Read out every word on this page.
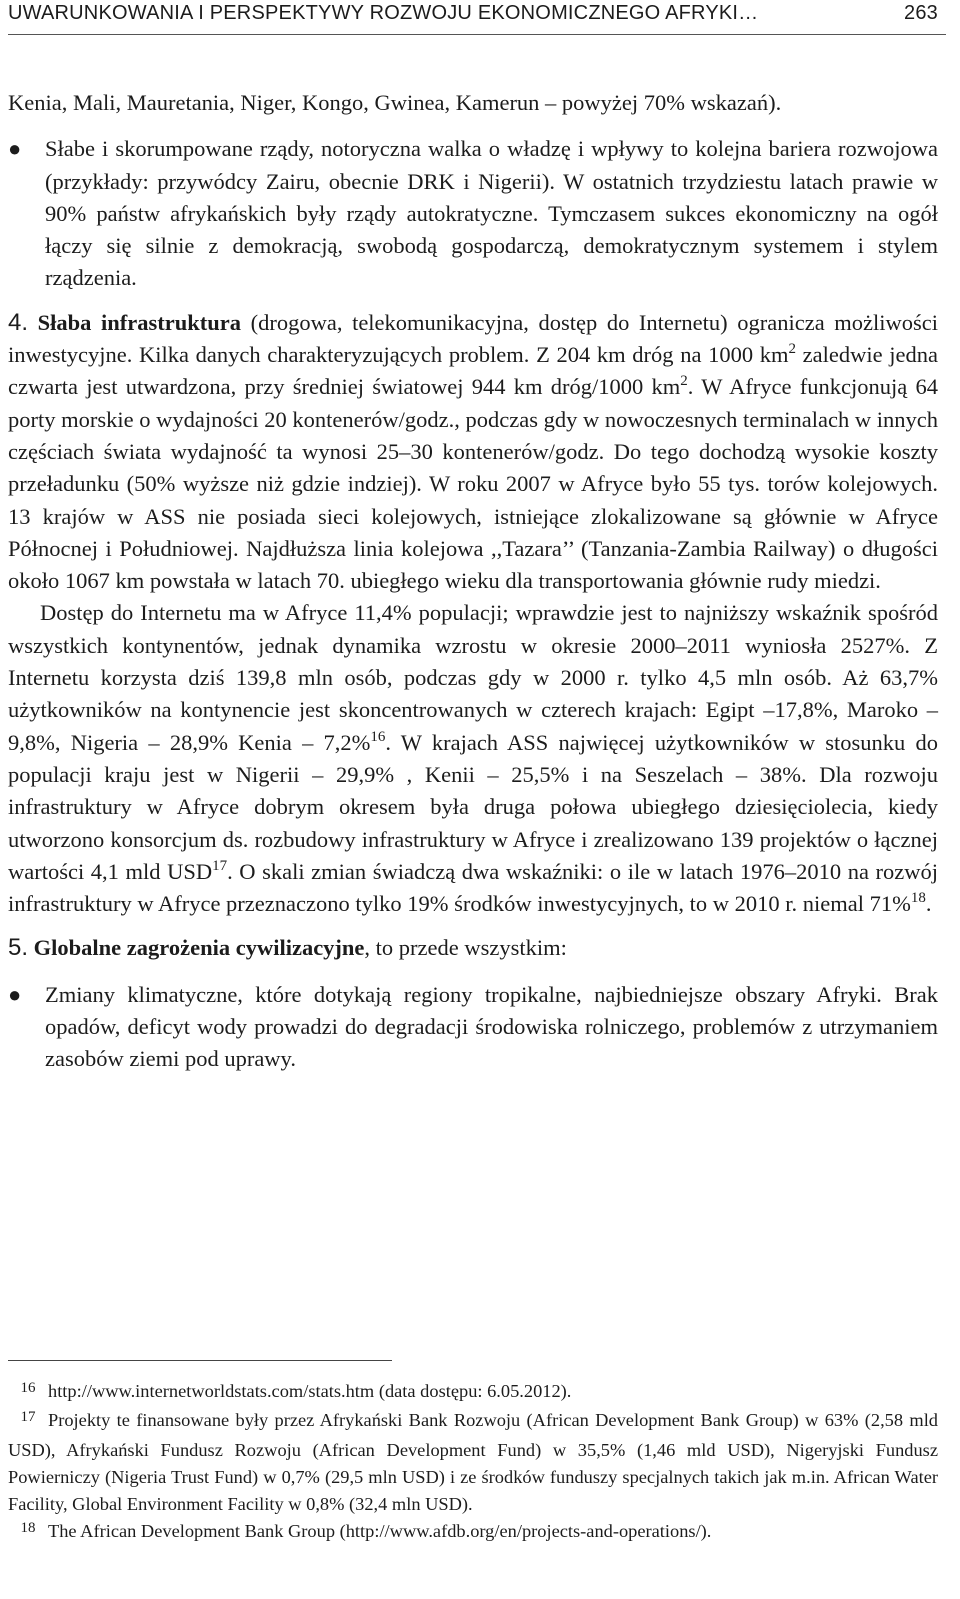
UWARUNKOWANIA I PERSPEKTYWY ROZWOJU EKONOMICZNEGO AFRYKI…	263

Kenia, Mali, Mauretania, Niger, Kongo, Gwinea, Kamerun – powyżej 70% wskazań).

● Słabe i skorumpowane rządy, notoryczna walka o władzę i wpływy to kolejna bariera rozwojowa (przykłady: przywódcy Zairu, obecnie DRK i Nigerii). W ostatnich trzydziestu latach prawie w 90% państw afrykańskich były rządy autokratyczne. Tymczasem sukces ekonomiczny na ogół łączy się silnie z demokracją, swobodą gospodarczą, demokratycznym systemem i stylem rządzenia.

4. Słaba infrastruktura (drogowa, telekomunikacyjna, dostęp do Internetu) ogranicza możliwości inwestycyjne. Kilka danych charakteryzujących problem. Z 204 km dróg na 1000 $km^2$ zaledwie jedna czwarta jest utwardzona, przy średniej światowej 944 km dróg/1000 $km^2$. W Afryce funkcjonują 64 porty morskie o wydajności 20 kontenerów/godz., podczas gdy w nowoczesnych terminalach w innych częściach świata wydajność ta wynosi 25–30 kontenerów/godz. Do tego dochodzą wysokie koszty przeładunku (50% wyższe niż gdzie indziej). W roku 2007 w Afryce było 55 tys. torów kolejowych. 13 krajów w ASS nie posiada sieci kolejowych, istniejące zlokalizowane są głównie w Afryce Północnej i Południowej. Najdłuższa linia kolejowa ,,Tazara’’ (Tanzania-Zambia Railway) o długości około 1067 km powstała w latach 70. ubiegłego wieku dla transportowania głównie rudy miedzi.

Dostęp do Internetu ma w Afryce 11,4% populacji; wprawdzie jest to najniższy wskaźnik spośród wszystkich kontynentów, jednak dynamika wzrostu w okresie 2000–2011 wyniosła 2527%. Z Internetu korzysta dziś 139,8 mln osób, podczas gdy w 2000 r. tylko 4,5 mln osób. Aż 63,7% użytkowników na kontynencie jest skoncentrowanych w czterech krajach: Egipt –17,8%, Maroko – 9,8%, Nigeria – 28,9% Kenia – 7,2%$^{16}$. W krajach ASS najwięcej użytkowników w stosunku do populacji kraju jest w Nigerii – 29,9% , Kenii – 25,5% i na Seszelach – 38%. Dla rozwoju infrastruktury w Afryce dobrym okresem była druga połowa ubiegłego dziesięciolecia, kiedy utworzono konsorcjum ds. rozbudowy infrastruktury w Afryce i zrealizowano 139 projektów o łącznej wartości 4,1 mld USD$^{17}$. O skali zmian świadczą dwa wskaźniki: o ile w latach 1976–2010 na rozwój infrastruktury w Afryce przeznaczono tylko 19% środków inwestycyjnych, to w 2010 r. niemal 71%$^{18}$.

5. Globalne zagrożenia cywilizacyjne, to przede wszystkim:

● Zmiany klimatyczne, które dotykają regiony tropikalne, najbiedniejsze obszary Afryki. Brak opadów, deficyt wody prowadzi do degradacji środowiska rolniczego, problemów z utrzymaniem zasobów ziemi pod uprawy.

16 http://www.internetworldstats.com/stats.htm (data dostępu: 6.05.2012).

17 Projekty te finansowane były przez Afrykański Bank Rozwoju (African Development Bank Group) w 63% (2,58 mld USD), Afrykański Fundusz Rozwoju (African Development Fund) w 35,5% (1,46 mld USD), Nigeryjski Fundusz Powierniczy (Nigeria Trust Fund) w 0,7% (29,5 mln USD) i ze środków funduszy specjalnych takich jak m.in. African Water Facility, Global Environment Facility w 0,8% (32,4 mln USD).

18 The African Development Bank Group (http://www.afdb.org/en/projects-and-operations/).
